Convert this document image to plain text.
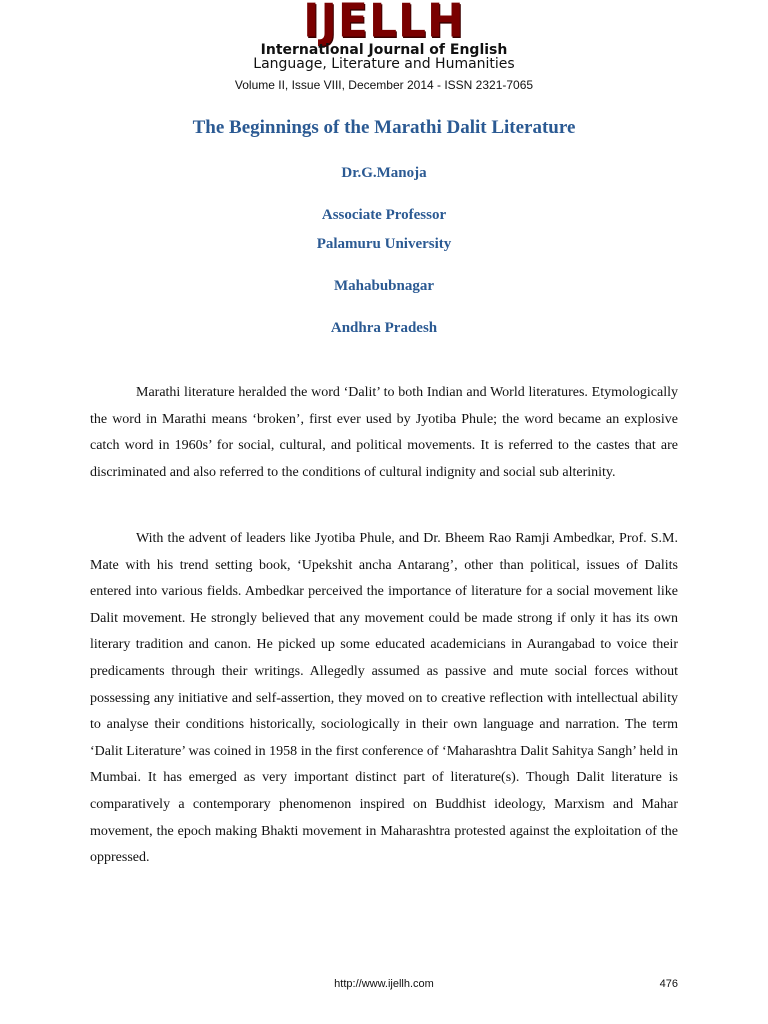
IJELLH
International Journal of English
Language, Literature and Humanities
Volume II, Issue VIII, December 2014 - ISSN 2321-7065
The Beginnings of the Marathi Dalit Literature
Dr.G.Manoja
Associate Professor
Palamuru University
Mahabubnagar
Andhra Pradesh

Marathi literature heralded the word ‘Dalit’ to both Indian and World literatures. Etymologically the word in Marathi means ‘broken’, first ever used by Jyotiba Phule; the word became an explosive catch word in 1960s’ for social, cultural, and political movements. It is referred to the castes that are discriminated and also referred to the conditions of cultural indignity and social sub alterinity.

With the advent of leaders like Jyotiba Phule, and Dr. Bheem Rao Ramji Ambedkar, Prof. S.M. Mate with his trend setting book, ‘Upekshit ancha Antarang’, other than political, issues of Dalits entered into various fields. Ambedkar perceived the importance of literature for a social movement like Dalit movement. He strongly believed that any movement could be made strong if only it has its own literary tradition and canon. He picked up some educated academicians in Aurangabad to voice their predicaments through their writings. Allegedly assumed as passive and mute social forces without possessing any initiative and self-assertion, they moved on to creative reflection with intellectual ability to analyse their conditions historically, sociologically in their own language and narration. The term ‘Dalit Literature’ was coined in 1958 in the first conference of ‘Maharashtra Dalit Sahitya Sangh’ held in Mumbai. It has emerged as very important distinct part of literature(s). Though Dalit literature is comparatively a contemporary phenomenon inspired on Buddhist ideology, Marxism and Mahar movement, the epoch making Bhakti movement in Maharashtra protested against the exploitation of the oppressed.

http://www.ijellh.com	476
